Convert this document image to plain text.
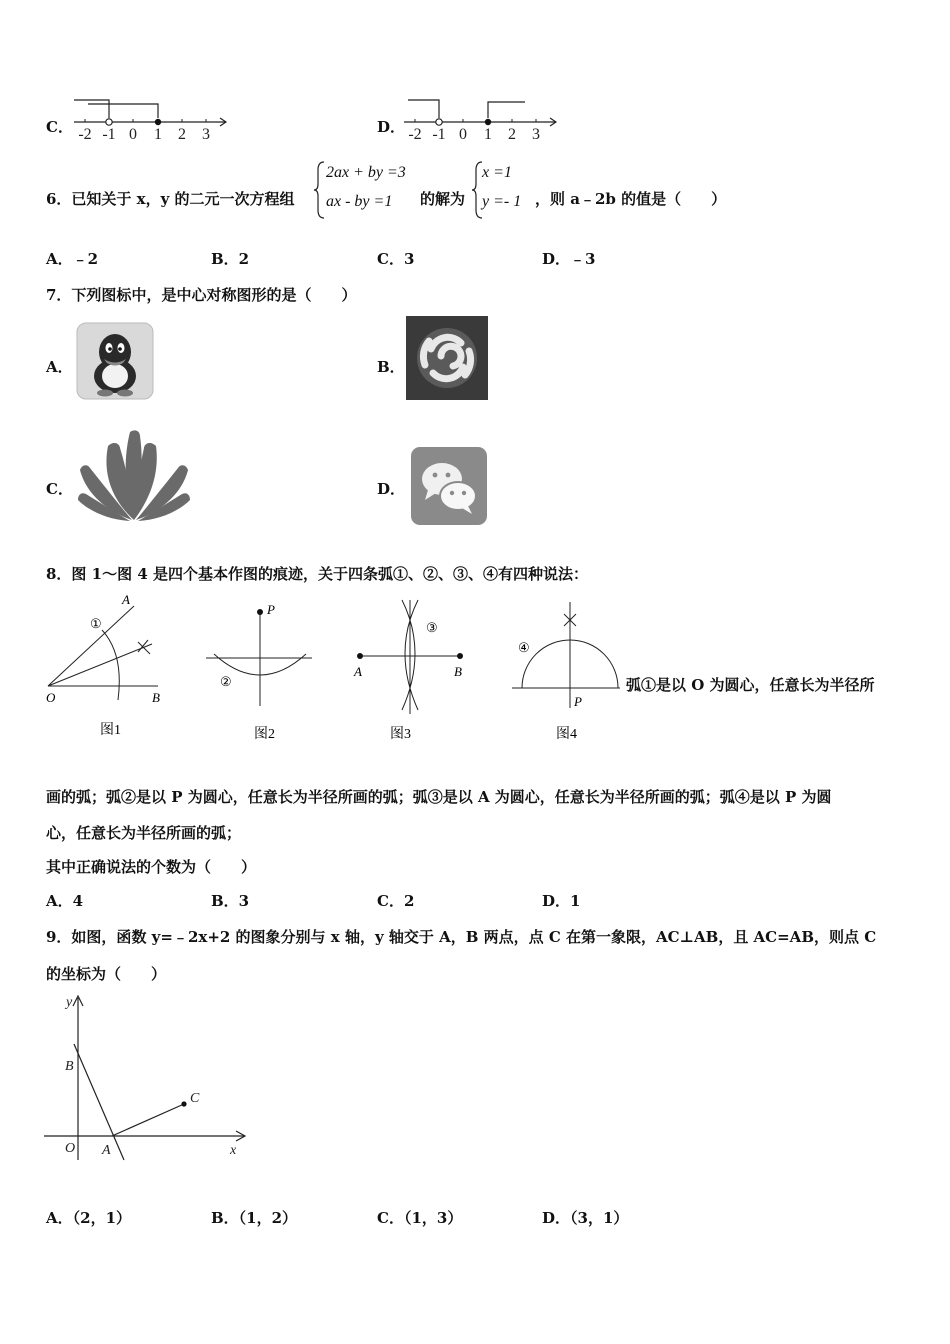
C． -2 -1 0 1 2 3	D． -2 -1 0 1 2 3
6．已知关于 x，y 的二元一次方程组
2ax + by =3
ax - by =1 的解为
x =1
y =- 1 ，则 a﹣2b 的值是（　　）
A．﹣2	B．2	C．3	D．﹣3
7．下列图标中，是中心对称图形的是（　　）
A．	B．
C．	D．
8．图 1～图 4 是四个基本作图的痕迹，关于四条弧①、②、③、④有四种说法：
O
A
B
①
图1
P
②
图2
A	B
③
图3
④
P
图4
弧①是以 O 为圆心，任意长为半径所
画的弧；弧②是以 P 为圆心，任意长为半径所画的弧；弧③是以 A 为圆心，任意长为半径所画的弧；弧④是以 P 为圆
心，任意长为半径所画的弧；
其中正确说法的个数为（　　）
A．4	B．3	C．2	D．1
9．如图，函数 y=﹣2x+2 的图象分别与 x 轴，y 轴交于 A，B 两点，点 C 在第一象限，AC⊥AB，且 AC=AB，则点 C
的坐标为（　　）
y
B
O A
C
x
A．（2，1）	B．（1，2）	C．（1，3）	D．（3，1）
